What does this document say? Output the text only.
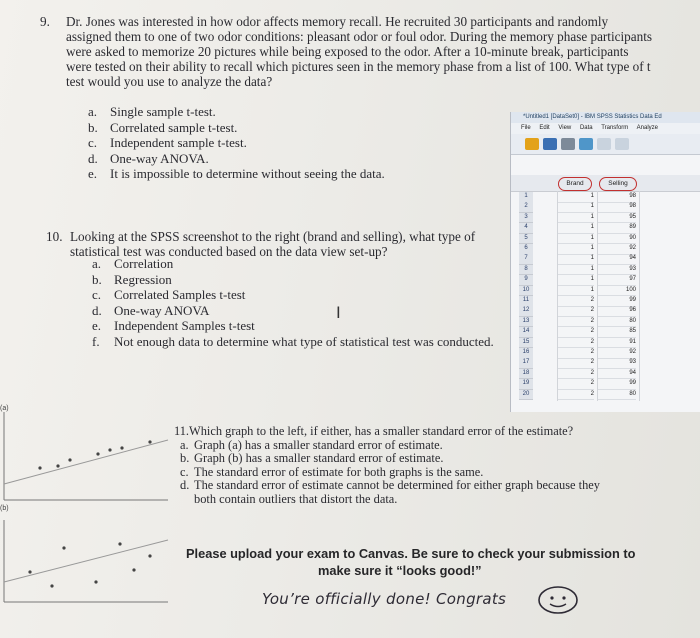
9. Dr. Jones was interested in how odor affects memory recall. He recruited 30 participants and randomly
assigned them to one of two odor conditions: pleasant odor or foul odor. During the memory phase participants
were asked to memorize 20 pictures while being exposed to the odor. After a 10-minute break, participants
were tested on their ability to recall which pictures seen in the memory phase from a list of 100. What type of t
test would you use to analyze the data?
a. Single sample t-test.
b. Correlated sample t-test.
c. Independent sample t-test.
d. One-way ANOVA.
e. It is impossible to determine without seeing the data.
10. Looking at the SPSS screenshot to the right (brand and selling), what type of
statistical test was conducted based on the data view set-up?
a. Correlation
b. Regression
c. Correlated Samples t-test
d. One-way ANOVA
e. Independent Samples t-test
f. Not enough data to determine what type of statistical test was conducted.
I
*Untitled1 [DataSet0] - IBM SPSS Statistics Data Ed
File Edit View Data Transform Analyze
Brand	Selling
1	1	98
2	1	98
3	1	95
4	1	89
5	1	90
6	1	92
7	1	94
8	1	93
9	1	97
10	1	100
11	2	99
12	2	96
13	2	80
14	2	85
15	2	91
16	2	92
17	2	93
18	2	94
19	2	99
20	2	80
(a)
(b)
11.Which graph to the left, if either, has a smaller standard error of the estimate?
a. Graph (a) has a smaller standard error of estimate.
b. Graph (b) has a smaller standard error of estimate.
c. The standard error of estimate for both graphs is the same.
d. The standard error of estimate cannot be determined for either graph because they
both contain outliers that distort the data.
Please upload your exam to Canvas. Be sure to check your submission to
make sure it “looks good!”
You’re officially done! Congrats
